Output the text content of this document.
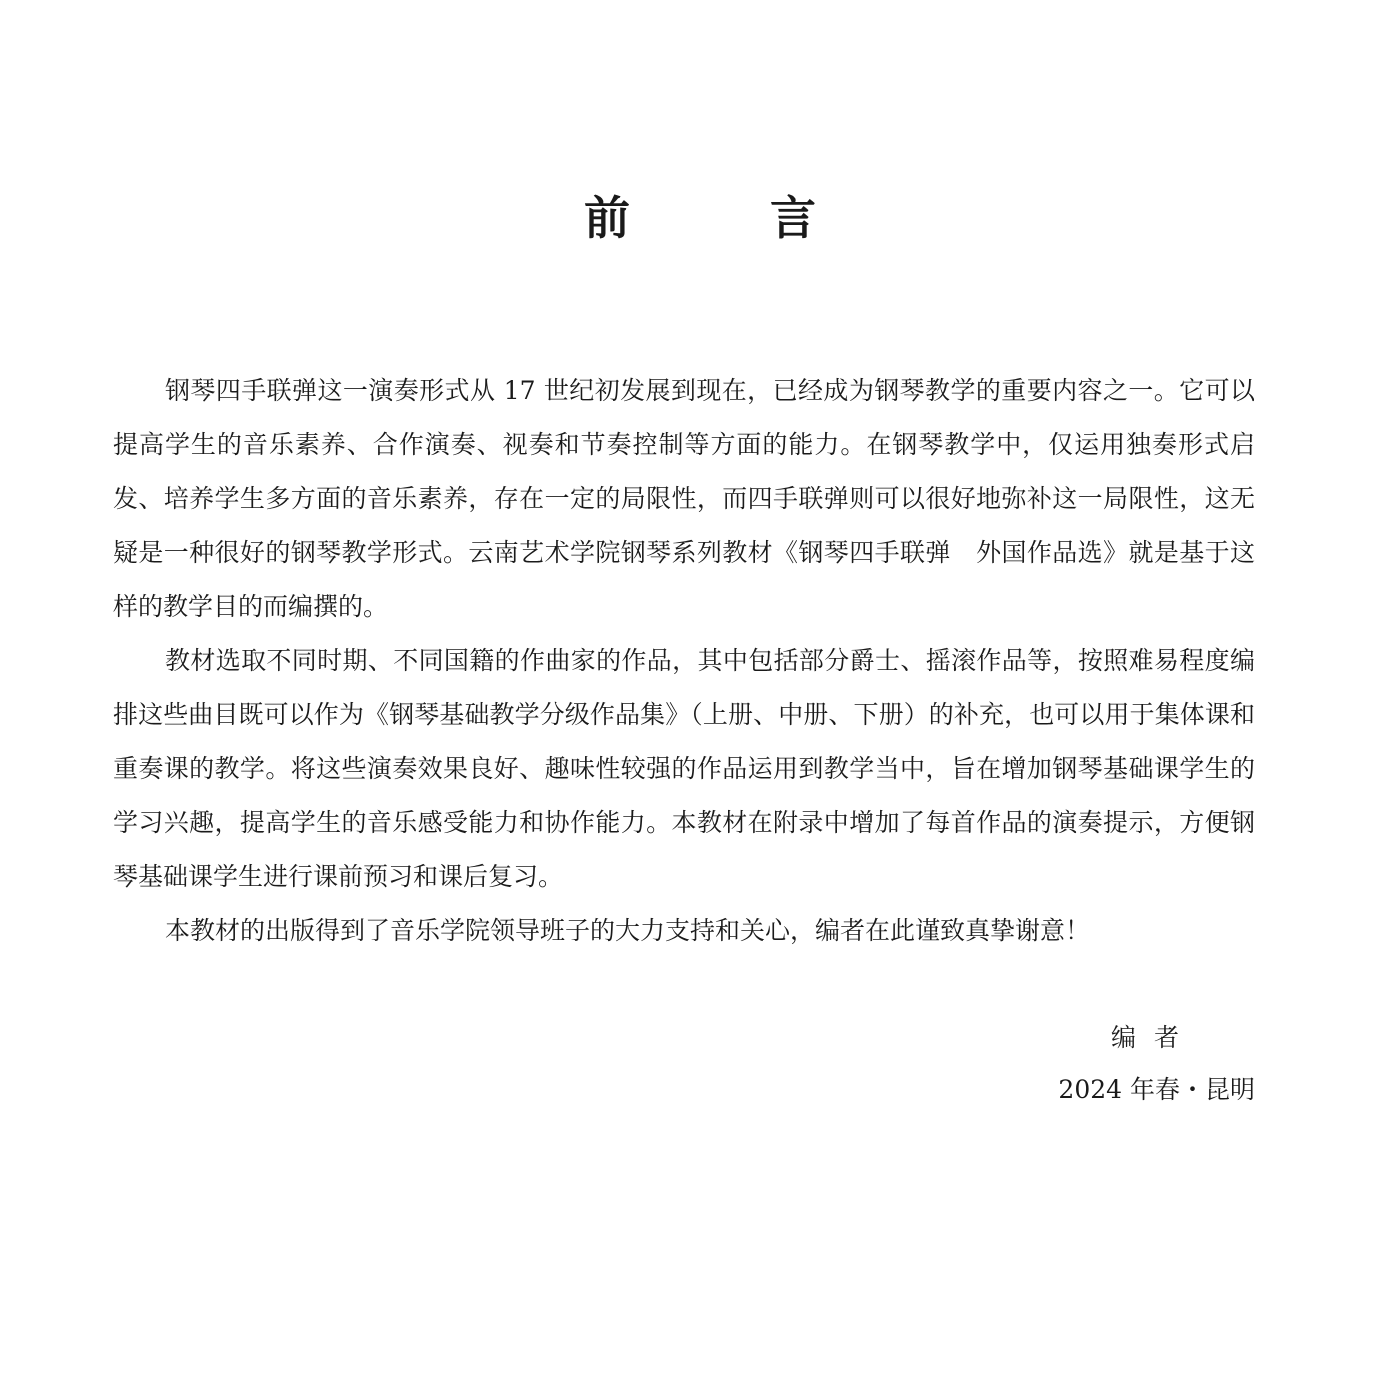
前	言

钢琴四手联弹这一演奏形式从 17 世纪初发展到现在，已经成为钢琴教学的重要内容之一。它可以提高学生的音乐素养、合作演奏、视奏和节奏控制等方面的能力。在钢琴教学中，仅运用独奏形式启发、培养学生多方面的音乐素养，存在一定的局限性，而四手联弹则可以很好地弥补这一局限性，这无疑是一种很好的钢琴教学形式。云南艺术学院钢琴系列教材《钢琴四手联弹　外国作品选》就是基于这样的教学目的而编撰的。

教材选取不同时期、不同国籍的作曲家的作品，其中包括部分爵士、摇滚作品等，按照难易程度编排这些曲目既可以作为《钢琴基础教学分级作品集》（上册、中册、下册）的补充，也可以用于集体课和重奏课的教学。将这些演奏效果良好、趣味性较强的作品运用到教学当中，旨在增加钢琴基础课学生的学习兴趣，提高学生的音乐感受能力和协作能力。本教材在附录中增加了每首作品的演奏提示，方便钢琴基础课学生进行课前预习和课后复习。

本教材的出版得到了音乐学院领导班子的大力支持和关心，编者在此谨致真挚谢意！

编者
2024 年春・昆明
